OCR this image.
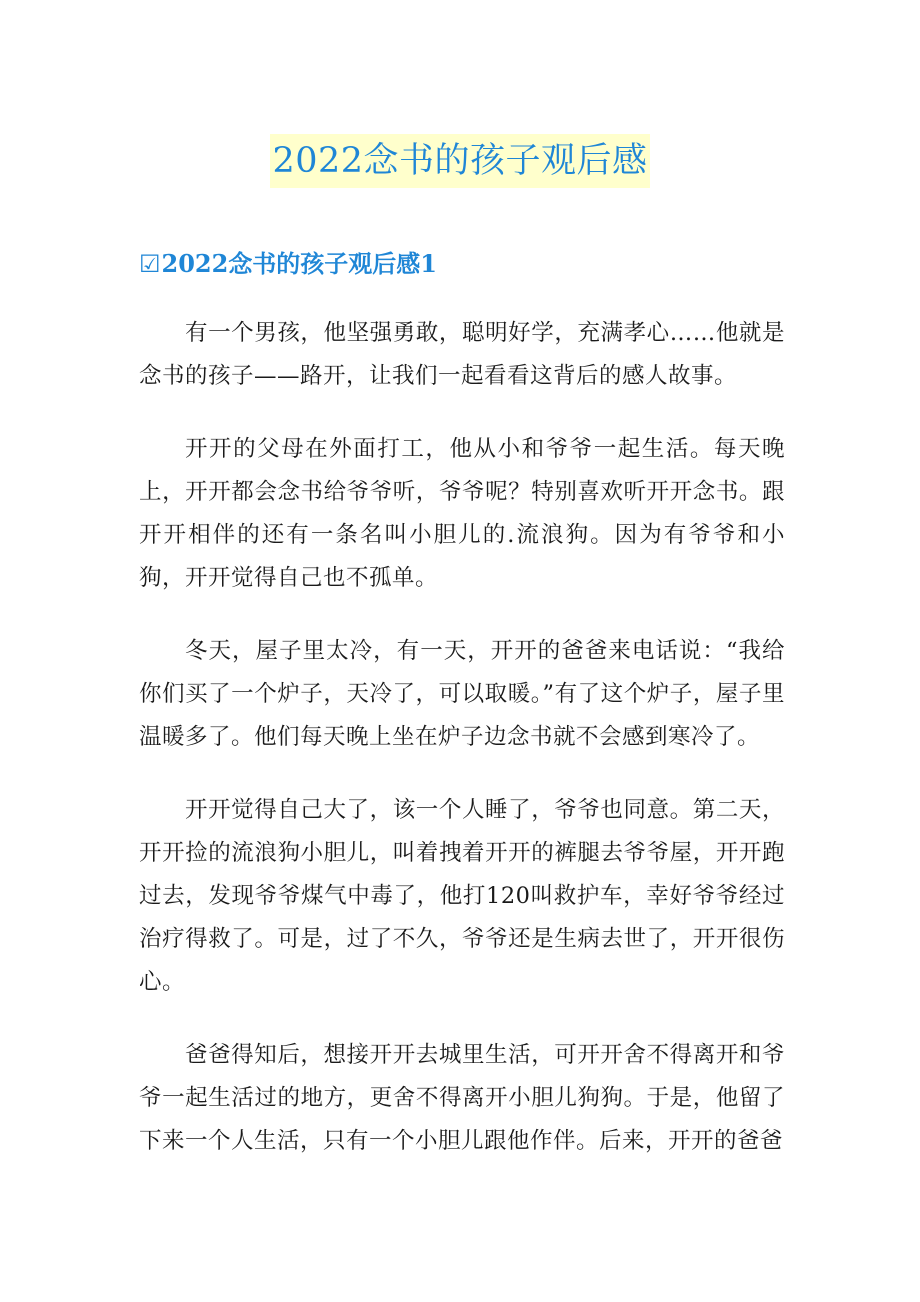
2022念书的孩子观后感
☑2022念书的孩子观后感1

有一个男孩，他坚强勇敢，聪明好学，充满孝心……他就是念书的孩子——路开，让我们一起看看这背后的感人故事。

开开的父母在外面打工，他从小和爷爷一起生活。每天晚上，开开都会念书给爷爷听，爷爷呢？特别喜欢听开开念书。跟开开相伴的还有一条名叫小胆儿的.流浪狗。因为有爷爷和小狗，开开觉得自己也不孤单。

冬天，屋子里太冷，有一天，开开的爸爸来电话说：“我给你们买了一个炉子，天冷了，可以取暖。”有了这个炉子，屋子里温暖多了。他们每天晚上坐在炉子边念书就不会感到寒冷了。

开开觉得自己大了，该一个人睡了，爷爷也同意。第二天，开开捡的流浪狗小胆儿，叫着拽着开开的裤腿去爷爷屋，开开跑过去，发现爷爷煤气中毒了，他打120叫救护车，幸好爷爷经过治疗得救了。可是，过了不久，爷爷还是生病去世了，开开很伤心。

爸爸得知后，想接开开去城里生活，可开开舍不得离开和爷爷一起生活过的地方，更舍不得离开小胆儿狗狗。于是，他留了下来一个人生活，只有一个小胆儿跟他作伴。后来，开开的爸爸
